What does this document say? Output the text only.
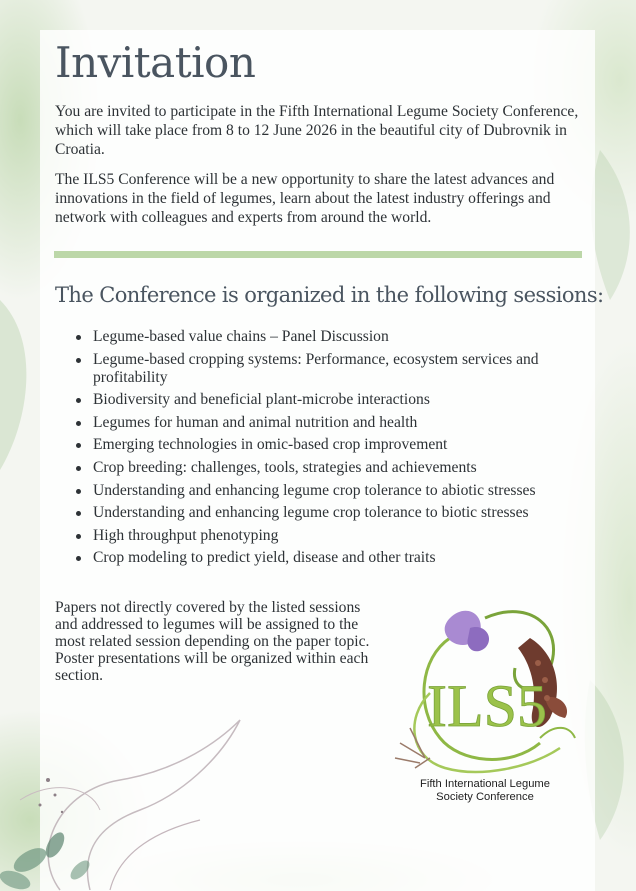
Invitation

You are invited to participate in the Fifth International Legume Society Conference, which will take place from 8 to 12 June 2026 in the beautiful city of Dubrovnik in Croatia.

The ILS5 Conference will be a new opportunity to share the latest advances and innovations in the field of legumes, learn about the latest industry offerings and network with colleagues and experts from around the world.

The Conference is organized in the following sessions:
Legume-based value chains – Panel Discussion
Legume-based cropping systems: Performance, ecosystem services and profitability
Biodiversity and beneficial plant-microbe interactions
Legumes for human and animal nutrition and health
Emerging technologies in omic-based crop improvement
Crop breeding: challenges, tools, strategies and achievements
Understanding and enhancing legume crop tolerance to abiotic stresses
Understanding and enhancing legume crop tolerance to biotic stresses
High throughput phenotyping
Crop modeling to predict yield, disease and other traits

Papers not directly covered by the listed sessions and addressed to legumes will be assigned to the most related session depending on the paper topic. Poster presentations will be organized within each section.	ILS5

Fifth International Legume
Society Conference
